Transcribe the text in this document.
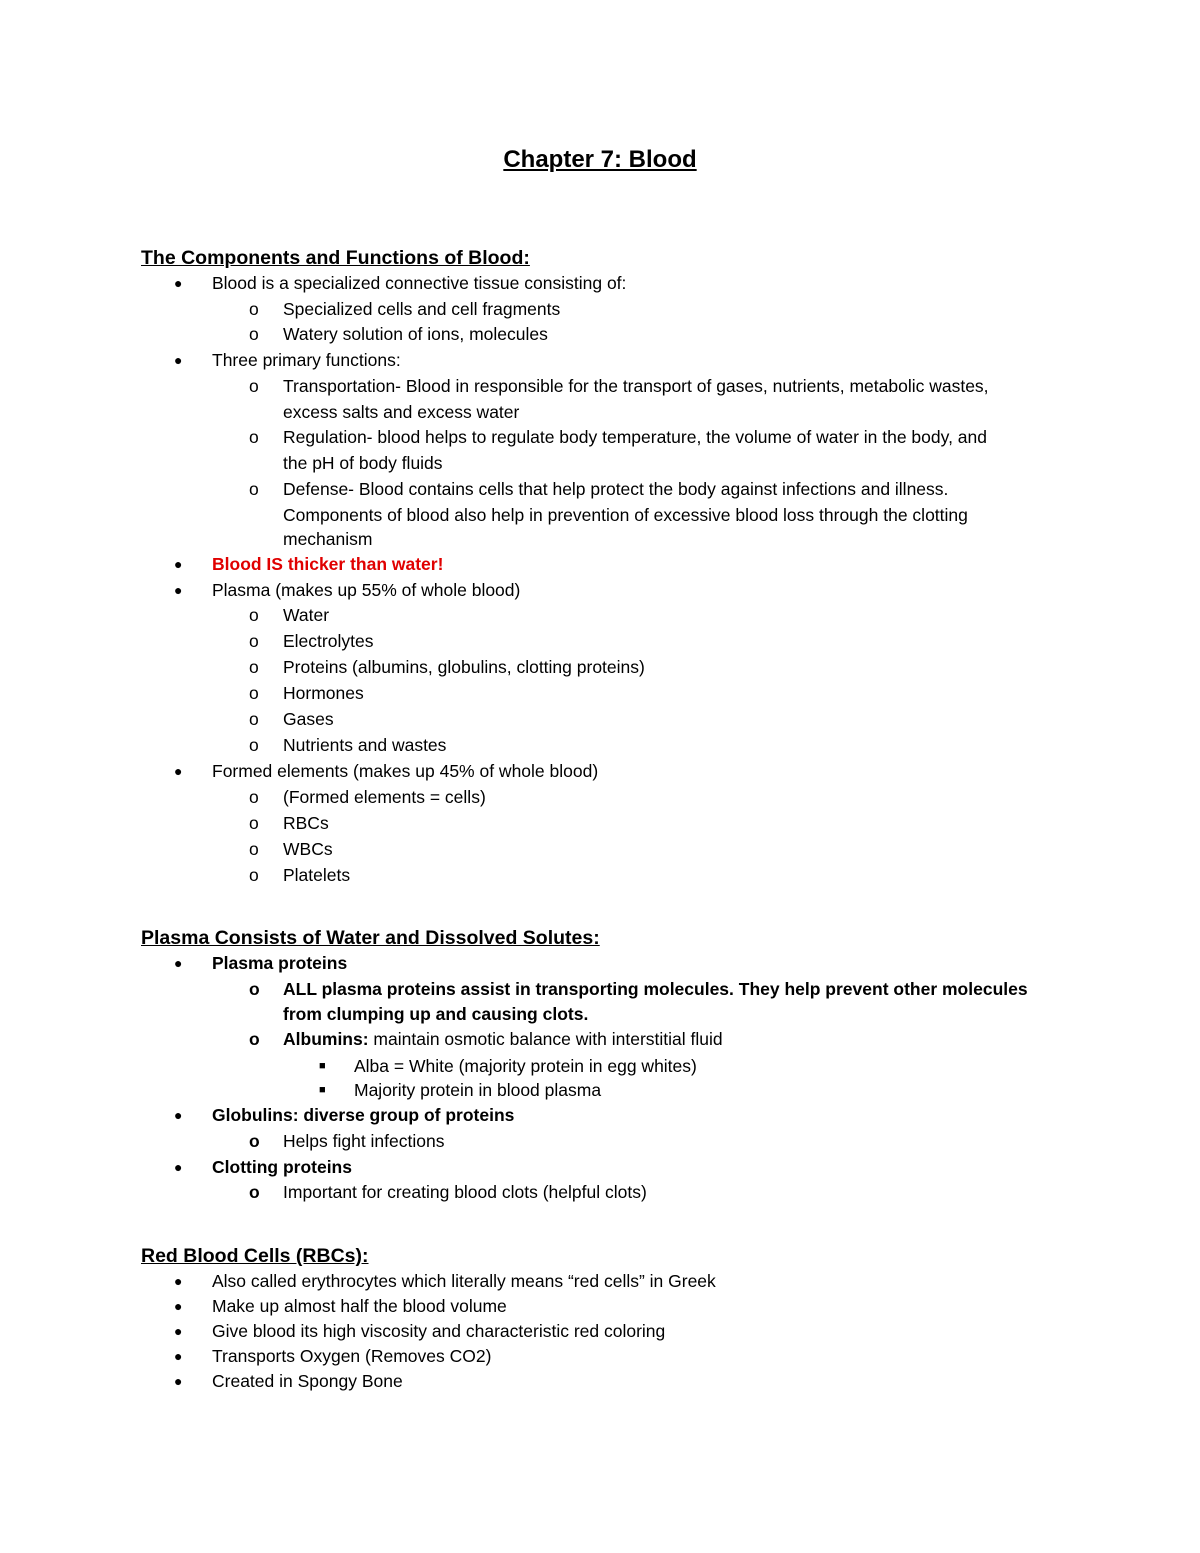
Chapter 7: Blood
The Components and Functions of Blood:
● Blood is a specialized connective tissue consisting of:
o Specialized cells and cell fragments
o Watery solution of ions, molecules
● Three primary functions:
o Transportation- Blood in responsible for the transport of gases, nutrients, metabolic wastes,
excess salts and excess water
o Regulation- blood helps to regulate body temperature, the volume of water in the body, and
the pH of body fluids
o Defense- Blood contains cells that help protect the body against infections and illness.
Components of blood also help in prevention of excessive blood loss through the clotting
mechanism
● Blood IS thicker than water!
● Plasma (makes up 55% of whole blood)
o Water
o Electrolytes
o Proteins (albumins, globulins, clotting proteins)
o Hormones
o Gases
o Nutrients and wastes
● Formed elements (makes up 45% of whole blood)
o (Formed elements = cells)
o RBCs
o WBCs
o Platelets
Plasma Consists of Water and Dissolved Solutes:
● Plasma proteins
o ALL plasma proteins assist in transporting molecules. They help prevent other molecules
from clumping up and causing clots.
o Albumins: maintain osmotic balance with interstitial fluid
■ Alba = White (majority protein in egg whites)
■ Majority protein in blood plasma
● Globulins: diverse group of proteins
o Helps fight infections
● Clotting proteins
o Important for creating blood clots (helpful clots)
Red Blood Cells (RBCs):
● Also called erythrocytes which literally means “red cells” in Greek
● Make up almost half the blood volume
● Give blood its high viscosity and characteristic red coloring
● Transports Oxygen (Removes CO2)
● Created in Spongy Bone
